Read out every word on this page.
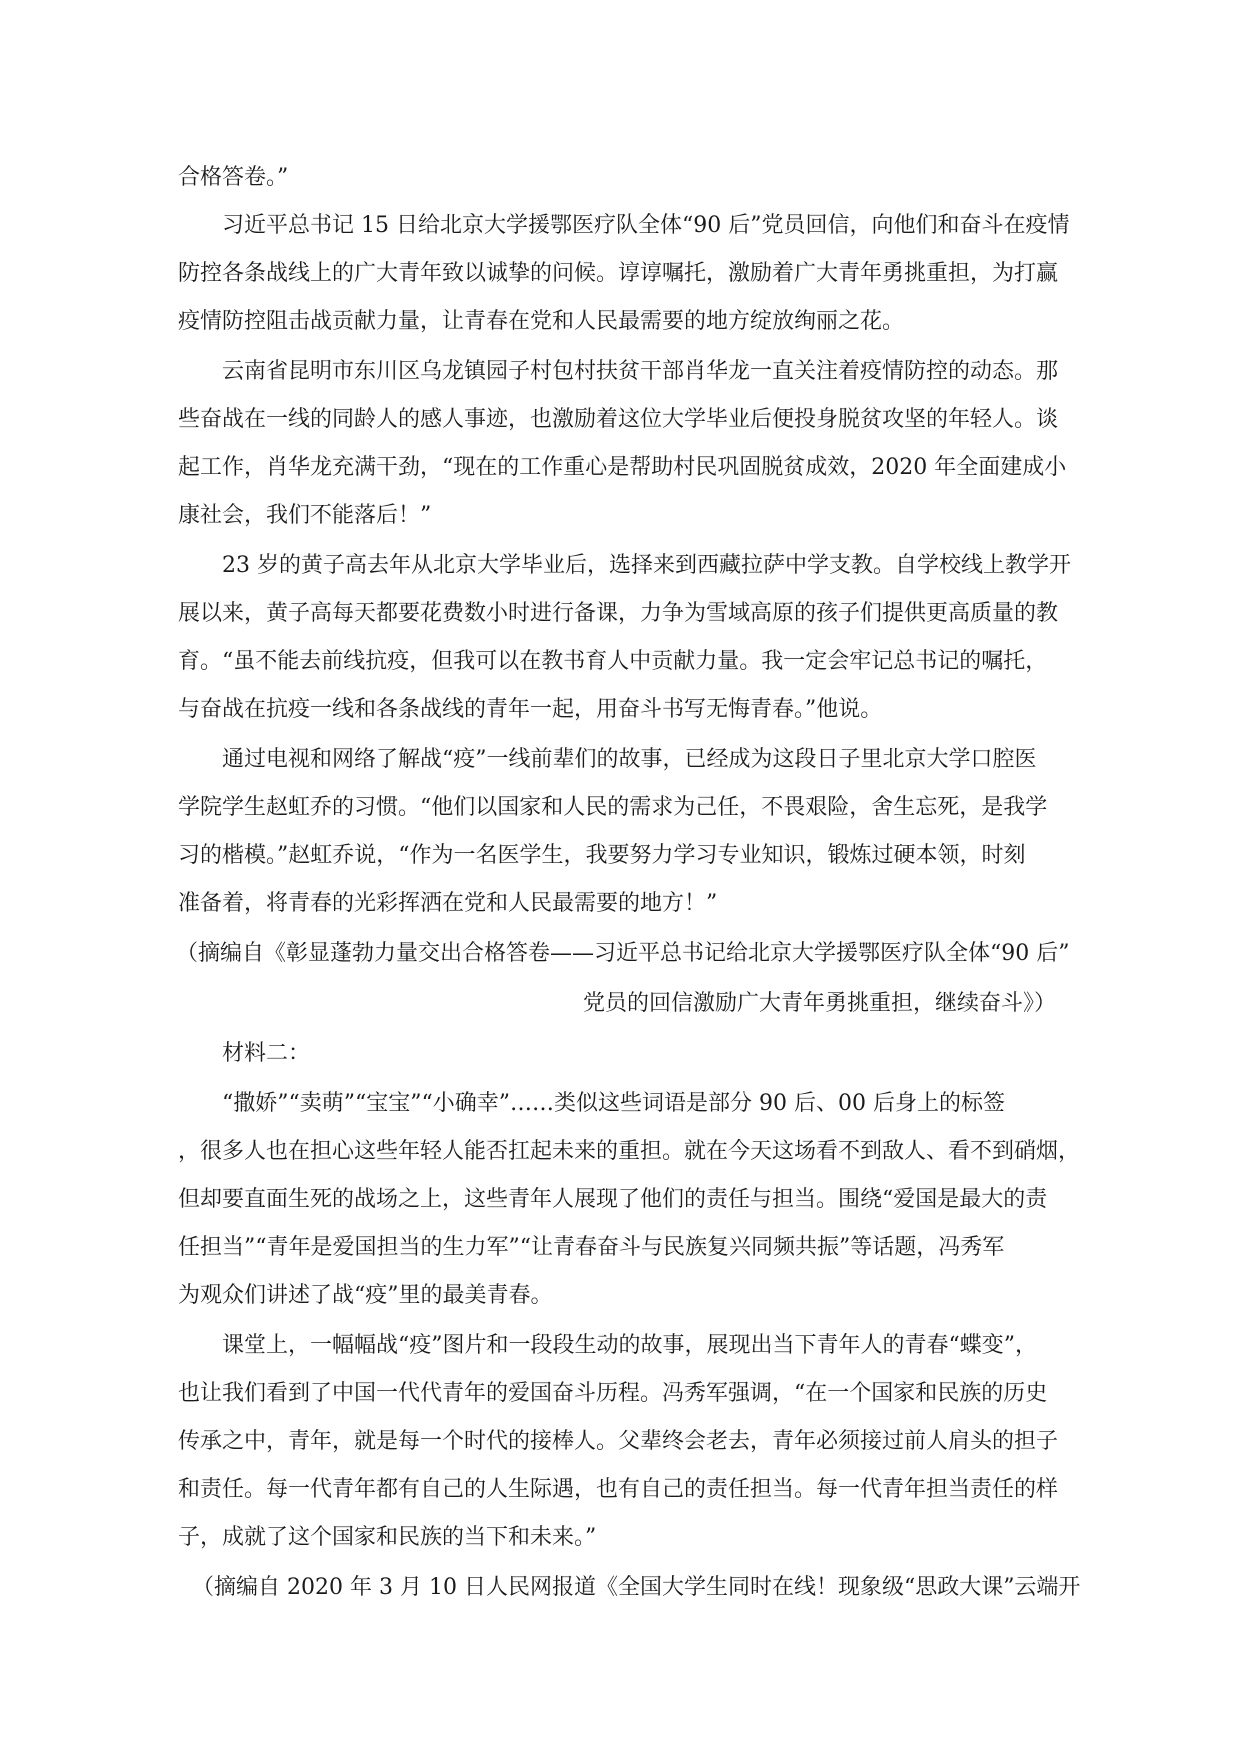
合格答卷。”
习近平总书记 15 日给北京大学援鄂医疗队全体“90 后”党员回信，向他们和奋斗在疫情
防控各条战线上的广大青年致以诚挚的问候。谆谆嘱托，激励着广大青年勇挑重担，为打赢
疫情防控阻击战贡献力量，让青春在党和人民最需要的地方绽放绚丽之花。
云南省昆明市东川区乌龙镇园子村包村扶贫干部肖华龙一直关注着疫情防控的动态。那
些奋战在一线的同龄人的感人事迹，也激励着这位大学毕业后便投身脱贫攻坚的年轻人。谈
起工作，肖华龙充满干劲，“现在的工作重心是帮助村民巩固脱贫成效，2020 年全面建成小
康社会，我们不能落后！”
23 岁的黄子高去年从北京大学毕业后，选择来到西藏拉萨中学支教。自学校线上教学开
展以来，黄子高每天都要花费数小时进行备课，力争为雪域高原的孩子们提供更高质量的教
育。“虽不能去前线抗疫，但我可以在教书育人中贡献力量。我一定会牢记总书记的嘱托，
与奋战在抗疫一线和各条战线的青年一起，用奋斗书写无悔青春。”他说。
通过电视和网络了解战“疫”一线前辈们的故事，已经成为这段日子里北京大学口腔医
学院学生赵虹乔的习惯。“他们以国家和人民的需求为己任，不畏艰险，舍生忘死，是我学
习的楷模。”赵虹乔说，“作为一名医学生，我要努力学习专业知识，锻炼过硬本领，时刻
准备着，将青春的光彩挥洒在党和人民最需要的地方！”
（摘编自《彰显蓬勃力量交出合格答卷——习近平总书记给北京大学援鄂医疗队全体“90 后”
党员的回信激励广大青年勇挑重担，继续奋斗》）
材料二：
“撒娇”“卖萌”“宝宝”“小确幸”……类似这些词语是部分 90 后、00 后身上的标签
，很多人也在担心这些年轻人能否扛起未来的重担。就在今天这场看不到敌人、看不到硝烟，
但却要直面生死的战场之上，这些青年人展现了他们的责任与担当。围绕“爱国是最大的责
任担当”“青年是爱国担当的生力军”“让青春奋斗与民族复兴同频共振”等话题，冯秀军
为观众们讲述了战“疫”里的最美青春。
课堂上，一幅幅战“疫”图片和一段段生动的故事，展现出当下青年人的青春“蝶变”，
也让我们看到了中国一代代青年的爱国奋斗历程。冯秀军强调，“在一个国家和民族的历史
传承之中，青年，就是每一个时代的接棒人。父辈终会老去，青年必须接过前人肩头的担子
和责任。每一代青年都有自己的人生际遇，也有自己的责任担当。每一代青年担当责任的样
子，成就了这个国家和民族的当下和未来。”
（摘编自 2020 年 3 月 10 日人民网报道《全国大学生同时在线！现象级“思政大课”云端开
